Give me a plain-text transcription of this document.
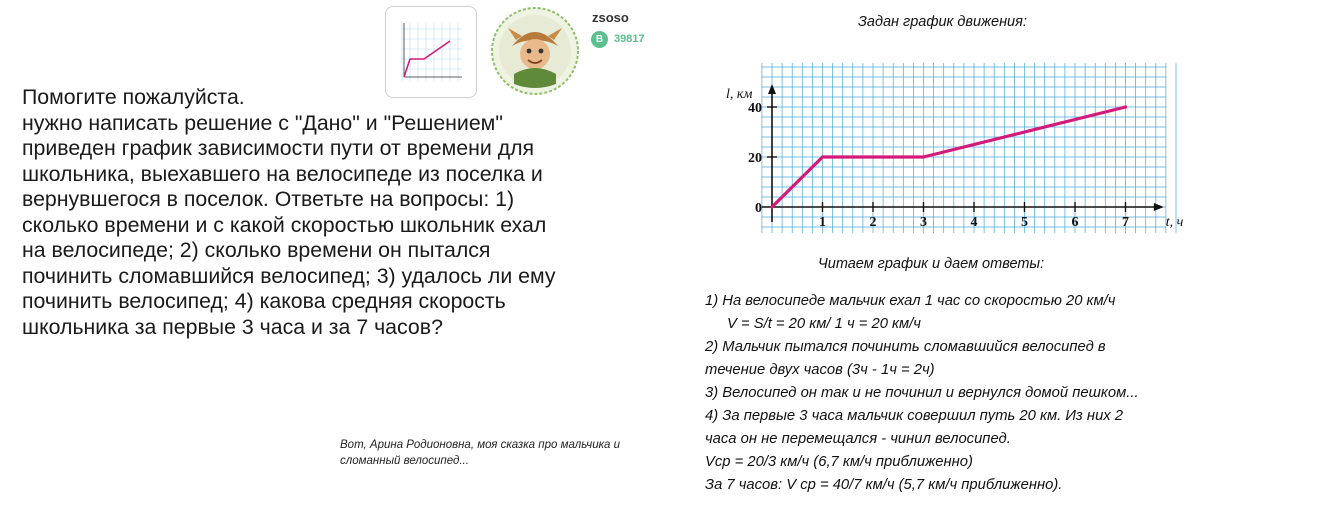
zsoso
B 39817
Помогите пожалуйста.
нужно написать решение с "Дано" и "Решением"
приведен график зависимости пути от времени для
школьника, выехавшего на велосипеде из поселка и
вернувшегося в поселок. Ответьте на вопросы: 1)
сколько времени и с какой скоростью школьник ехал
на велосипеде; 2) сколько времени он пытался
починить сломавшийся велосипед; 3) удалось ли ему
починить велосипед; 4) какова средняя скорость
школьника за первые 3 часа и за 7 часов?
Вот, Арина Родионовна, моя сказка про мальчика и
сломанный велосипед...
Задан график движения:
1	2	3	4	5	6	7
0
20
40
l, км
t, ч
Читаем график и даем ответы:
1) На велосипеде мальчик ехал 1 час со скоростью 20 км/ч
V = S/t = 20 км/ 1 ч = 20 км/ч
2) Мальчик пытался починить сломавшийся велосипед в
течение двух часов (3ч - 1ч = 2ч)
3) Велосипед он так и не починил и вернулся домой пешком...
4) За первые 3 часа мальчик совершил путь 20 км. Из них 2
часа он не перемещался - чинил велосипед.
Vср = 20/3 км/ч (6,7 км/ч приближенно)
За 7 часов: V ср = 40/7 км/ч (5,7 км/ч приближенно).
